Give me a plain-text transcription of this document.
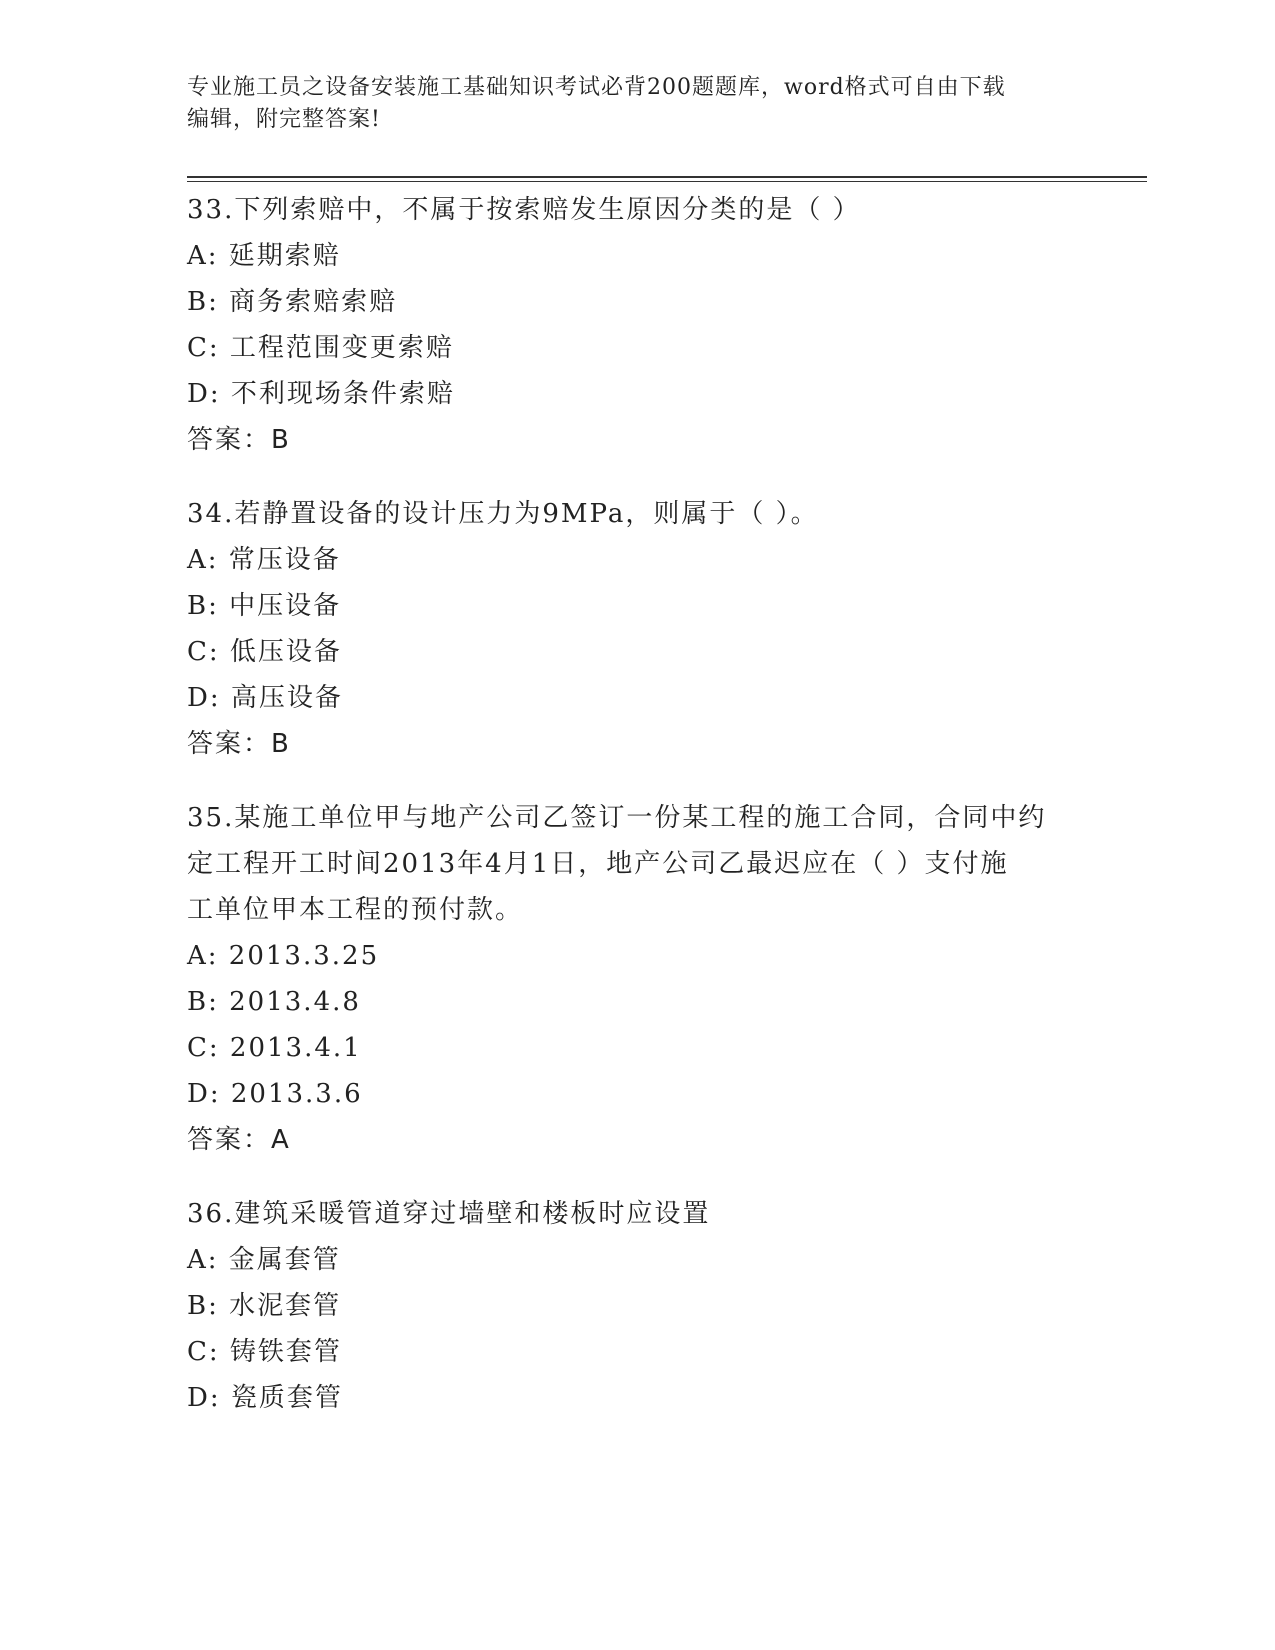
专业施工员之设备安装施工基础知识考试必背200题题库，word格式可自由下载
编辑，附完整答案!

33.下列索赔中，不属于按索赔发生原因分类的是（ ）

A: 延期索赔

B: 商务索赔索赔

C: 工程范围变更索赔

D: 不利现场条件索赔

答案：B

34.若静置设备的设计压力为9MPa，则属于（ ）。

A: 常压设备

B: 中压设备

C: 低压设备

D: 高压设备

答案：B

35.某施工单位甲与地产公司乙签订一份某工程的施工合同，合同中约

定工程开工时间2013年4月1日，地产公司乙最迟应在（ ）支付施

工单位甲本工程的预付款。

A: 2013.3.25

B: 2013.4.8

C: 2013.4.1

D: 2013.3.6

答案：A

36.建筑采暖管道穿过墙壁和楼板时应设置

A: 金属套管

B: 水泥套管

C: 铸铁套管

D: 瓷质套管
